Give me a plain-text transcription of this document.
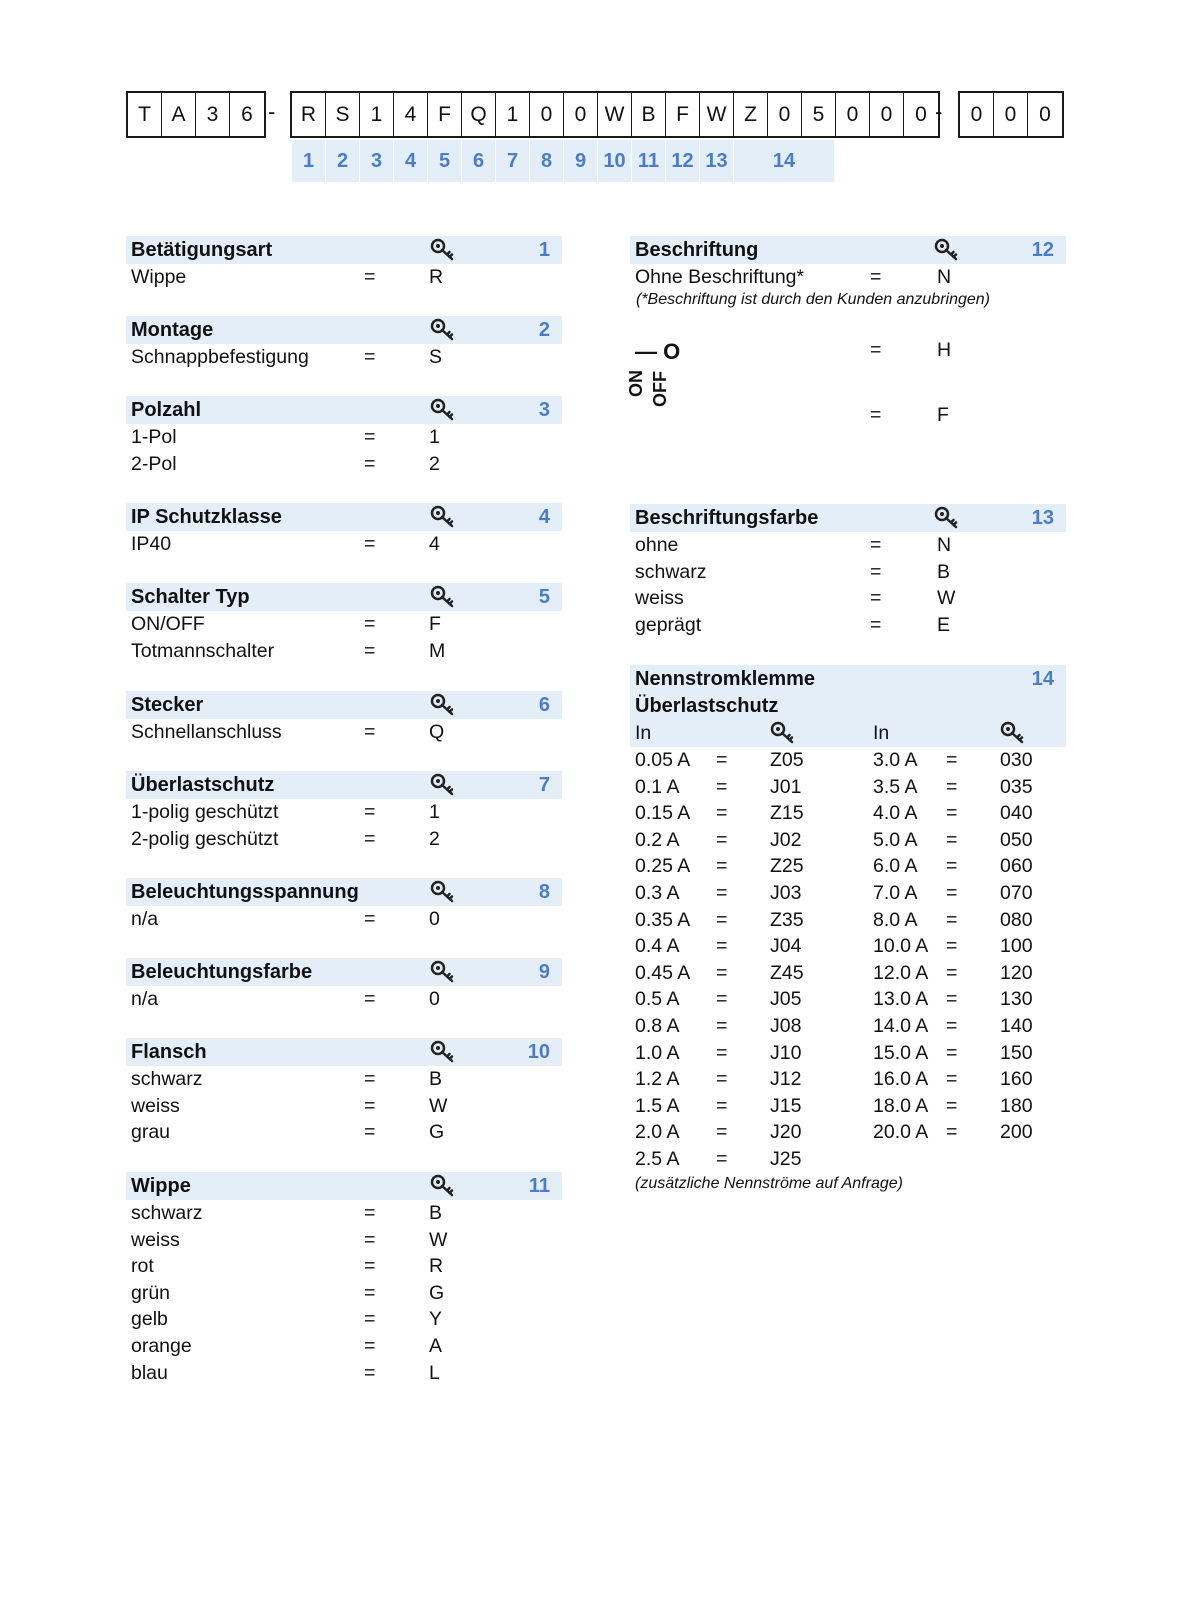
T A	3	6 -	R S	1	4	F Q 1	0	0 W B F W Z	0	5	0	0	0 -	0	0	0
1	2	3	4	5	6	7	8	9 10 11 12 13	14
Betätigungsart	1
Wippe	=	R
Montage	2
Schnappbefestigung	=	S
Polzahl	3
1-Pol	=	1
2-Pol	=	2
IP Schutzklasse	4
IP40	=	4
Schalter Typ	5
ON/OFF	=	F
Totmannschalter	=	M
Stecker	6
Schnellanschluss	=	Q
Überlastschutz	7
1-polig geschützt	=	1
2-polig geschützt	=	2
Beleuchtungsspannung	8
n/a	=	0
Beleuchtungsfarbe	9
n/a	=	0
Flansch	10
schwarz	=	B
weiss	=	W
grau	=	G
Wippe	11
schwarz	=	B
weiss	=	W
rot	=	R
grün	=	G
gelb	=	Y
orange	=	A
blau	=	L
Beschriftung	12
Ohne Beschriftung*	=	N
(*Beschriftung ist durch den Kunden anzubringen)
— O	=	H
ON OFF
=	F
Beschriftungsfarbe	13
ohne	=	N
schwarz	=	B
weiss	=	W
geprägt	=	E
Nennstromklemme
Überlastschutz
14
In	In
0.05 A = Z05	3.0 A = 030
0.1 A = J01	3.5 A = 035
0.15 A = Z15	4.0 A = 040
0.2 A = J02	5.0 A = 050
0.25 A = Z25	6.0 A = 060
0.3 A = J03	7.0 A = 070
0.35 A = Z35	8.0 A = 080
0.4 A = J04	10.0 A = 100
0.45 A = Z45	12.0 A = 120
0.5 A = J05	13.0 A = 130
0.8 A = J08	14.0 A = 140
1.0 A = J10	15.0 A = 150
1.2 A = J12	16.0 A = 160
1.5 A = J15	18.0 A = 180
2.0 A = J20	20.0 A = 200
2.5 A = J25
(zusätzliche Nennströme auf Anfrage)
